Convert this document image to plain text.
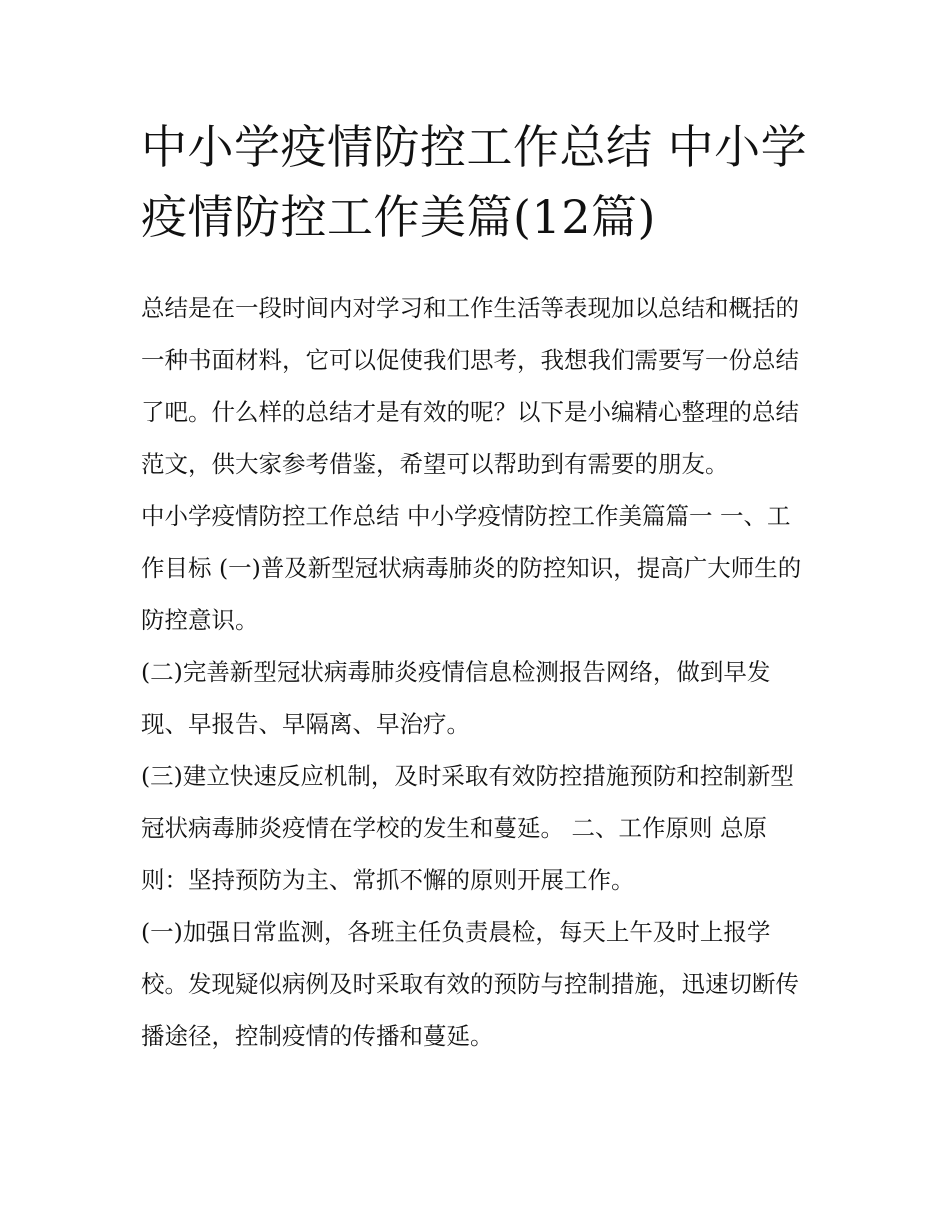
中小学疫情防控工作总结 中小学疫情防控工作美篇(12篇)

总结是在一段时间内对学习和工作生活等表现加以总结和概括的一种书面材料，它可以促使我们思考，我想我们需要写一份总结了吧。什么样的总结才是有效的呢？以下是小编精心整理的总结范文，供大家参考借鉴，希望可以帮助到有需要的朋友。

中小学疫情防控工作总结 中小学疫情防控工作美篇篇一 一、工作目标 (一)普及新型冠状病毒肺炎的防控知识，提高广大师生的防控意识。

(二)完善新型冠状病毒肺炎疫情信息检测报告网络，做到早发现、早报告、早隔离、早治疗。

(三)建立快速反应机制，及时采取有效防控措施预防和控制新型冠状病毒肺炎疫情在学校的发生和蔓延。 二、工作原则 总原则：坚持预防为主、常抓不懈的原则开展工作。

(一)加强日常监测，各班主任负责晨检，每天上午及时上报学校。发现疑似病例及时采取有效的预防与控制措施，迅速切断传播途径，控制疫情的传播和蔓延。
